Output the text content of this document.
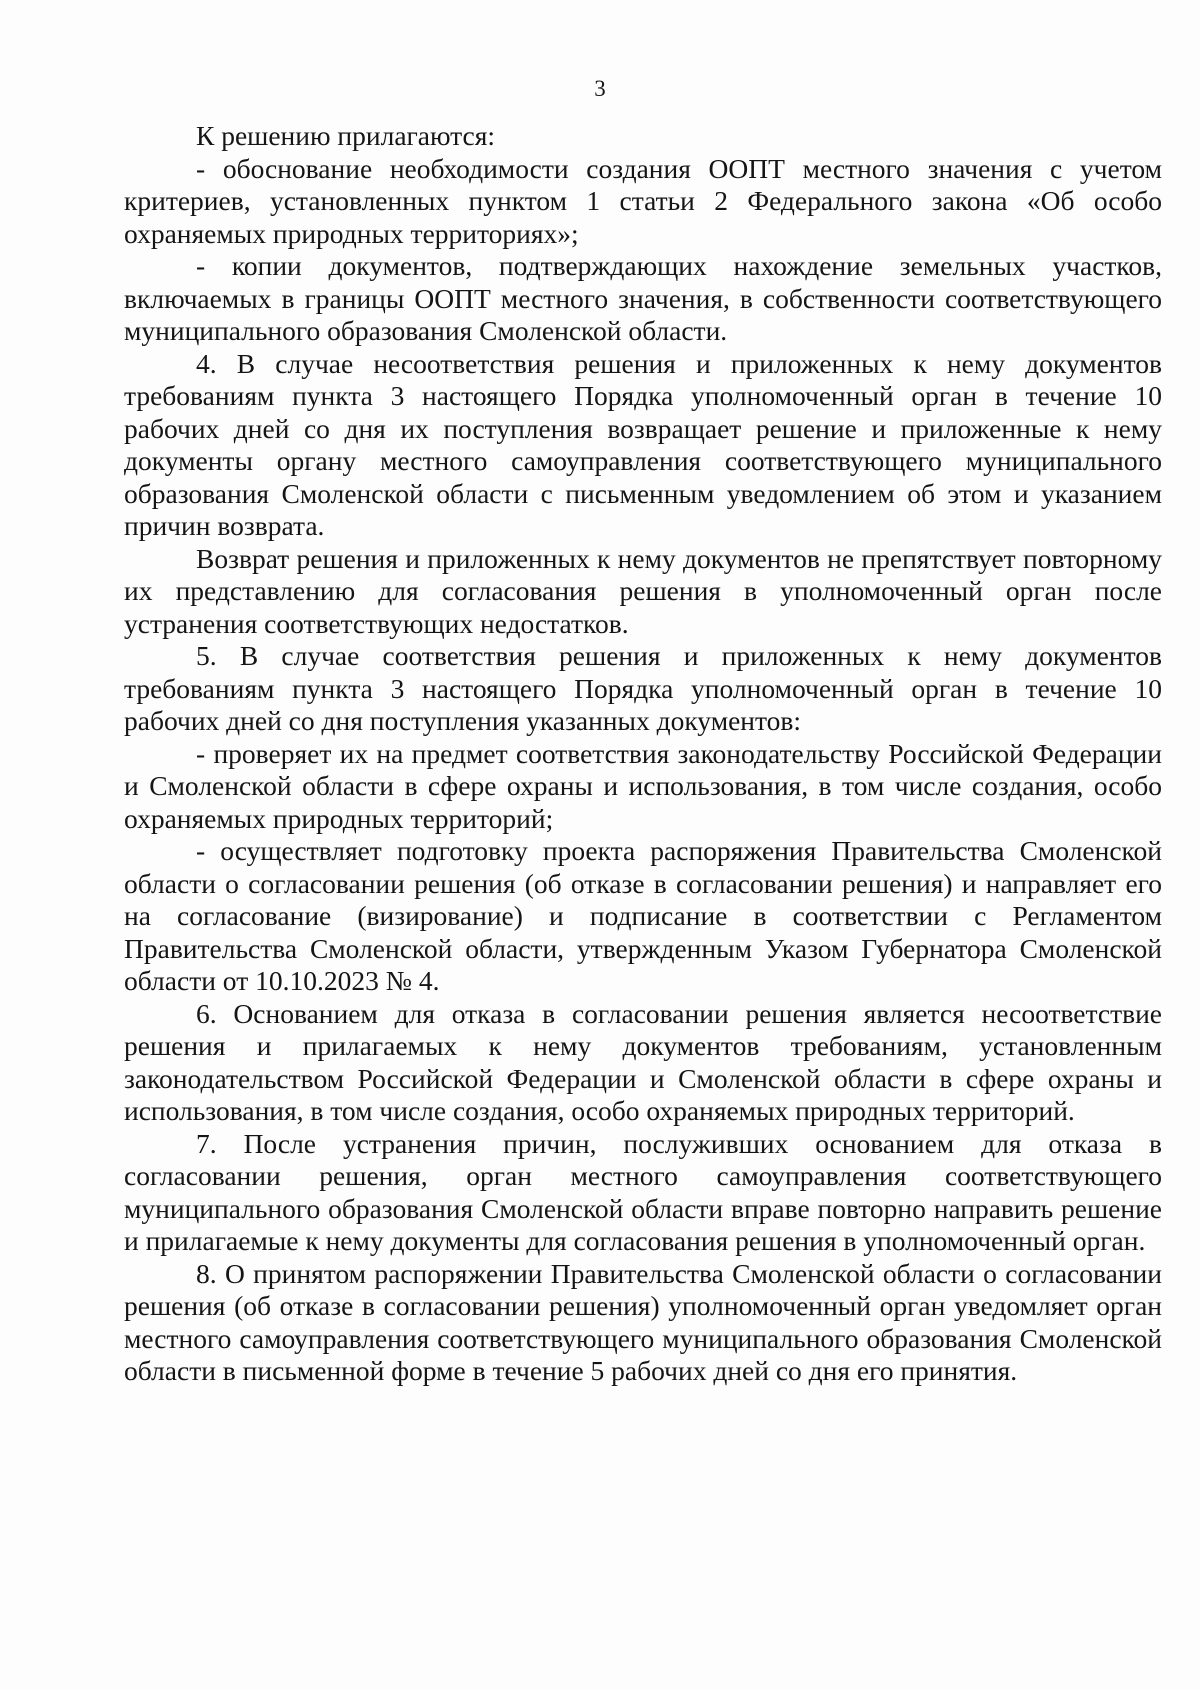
3

К решению прилагаются:

- обоснование необходимости создания ООПТ местного значения с учетом критериев, установленных пунктом 1 статьи 2 Федерального закона «Об особо охраняемых природных территориях»;

- копии документов, подтверждающих нахождение земельных участков, включаемых в границы ООПТ местного значения, в собственности соответствующего муниципального образования Смоленской области.

4. В случае несоответствия решения и приложенных к нему документов требованиям пункта 3 настоящего Порядка уполномоченный орган в течение 10 рабочих дней со дня их поступления возвращает решение и приложенные к нему документы органу местного самоуправления соответствующего муниципального образования Смоленской области с письменным уведомлением об этом и указанием причин возврата.

Возврат решения и приложенных к нему документов не препятствует повторному их представлению для согласования решения в уполномоченный орган после устранения соответствующих недостатков.

5. В случае соответствия решения и приложенных к нему документов требованиям пункта 3 настоящего Порядка уполномоченный орган в течение 10 рабочих дней со дня поступления указанных документов:

- проверяет их на предмет соответствия законодательству Российской Федерации и Смоленской области в сфере охраны и использования, в том числе создания, особо охраняемых природных территорий;

- осуществляет подготовку проекта распоряжения Правительства Смоленской области о согласовании решения (об отказе в согласовании решения) и направляет его на согласование (визирование) и подписание в соответствии с Регламентом Правительства Смоленской области, утвержденным Указом Губернатора Смоленской области от 10.10.2023 № 4.

6. Основанием для отказа в согласовании решения является несоответствие решения и прилагаемых к нему документов требованиям, установленным законодательством Российской Федерации и Смоленской области в сфере охраны и использования, в том числе создания, особо охраняемых природных территорий.

7. После устранения причин, послуживших основанием для отказа в согласовании решения, орган местного самоуправления соответствующего муниципального образования Смоленской области вправе повторно направить решение и прилагаемые к нему документы для согласования решения в уполномоченный орган.

8. О принятом распоряжении Правительства Смоленской области о согласовании решения (об отказе в согласовании решения) уполномоченный орган уведомляет орган местного самоуправления соответствующего муниципального образования Смоленской области в письменной форме в течение 5 рабочих дней со дня его принятия.
